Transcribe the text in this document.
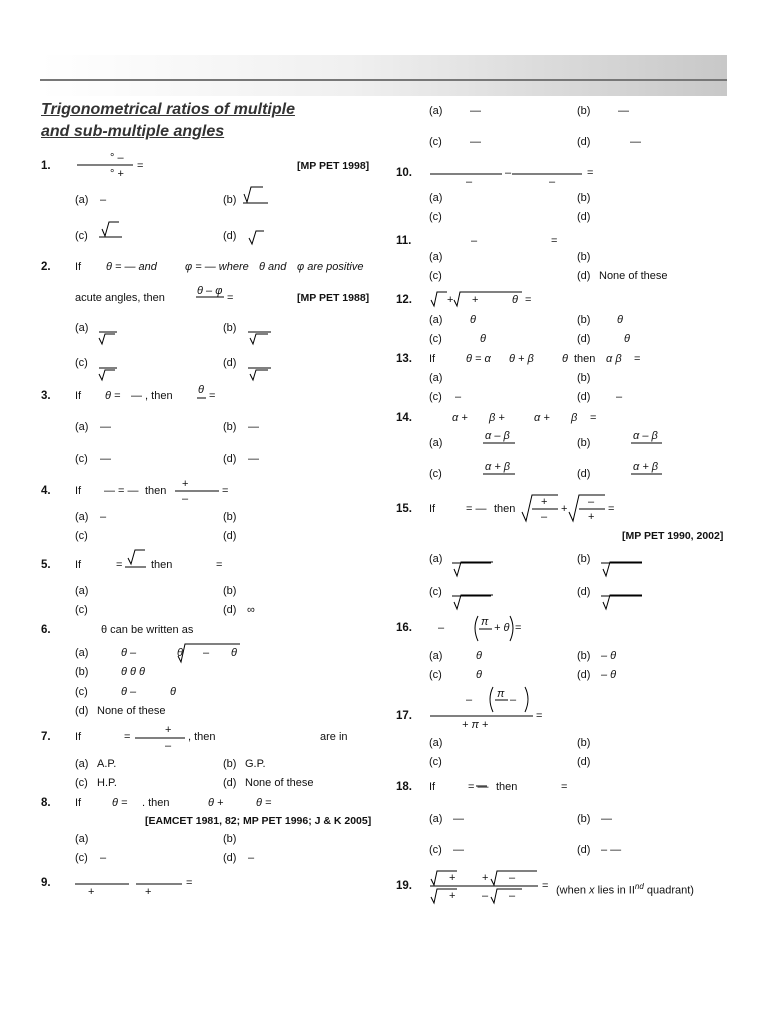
Trigonometrical ratios of multiple
and sub-multiple angles
1.
° –
° +
=	[MP PET 1998]
(a) –	(b)
(c)	(d)
2. If θ = — and	φ = — where θ and φ are positive
acute angles, then
θ – φ
=	[MP PET 1988]
(a)	(b)
(c)	(d)
3. If θ = — , then θ =
(a) —	(b) —
(c) —	(d) —
4. If — = — then
+
–
=
(a) –	(b)
(c)	(d)
5. If	=	then	=
(a)	(b)
(c)	(d) ∞
6.	θ can be written as
(a)	θ –	θ – θ
(b)	θ θ θ
(c)	θ –	θ
(d) None of these
7. If	=
+
–
, then	are in
(a) A.P.	(b) G.P.
(c) H.P.	(d) None of these
8. If	θ = . then	θ +	θ =
[EAMCET 1981, 82; MP PET 1996; J & K 2005]
(a)	(b)
(c) –	(d) –
9.
+	+
=
(a)	—	(b)	—
(c)	—	(d)	—
10.
–
–
–
=
(a)	(b)
(c)	(d)
11.	–	=
(a)	(b)
(c)	(d) None of these
12.	+ +	θ =
(a)	θ	(b) θ
(c)	θ	(d)	θ
13. If	θ = α θ + β	θ then α β =
(a)	(b)
(c) –	(d) –
14.	α + β +	α + β =
(a)
α – β
(b)
α – β
(c)
α + β
(d)
α + β
15. If	= — then
+
–
+
–
+
=
[MP PET 1990, 2002]
(a)	(b)
(c)	(d)
16. –	π + θ =
(a)	θ	(b) – θ
(c)	θ	(d) – θ
17.
– π –
+ π +
=
(a)	(b)
(c)	(d)
18. If	= — then	=
(a) —	(b) —
(c) —	(d) – —
19.
+ + –
+ – –
= (when x lies in IInd quadrant)
